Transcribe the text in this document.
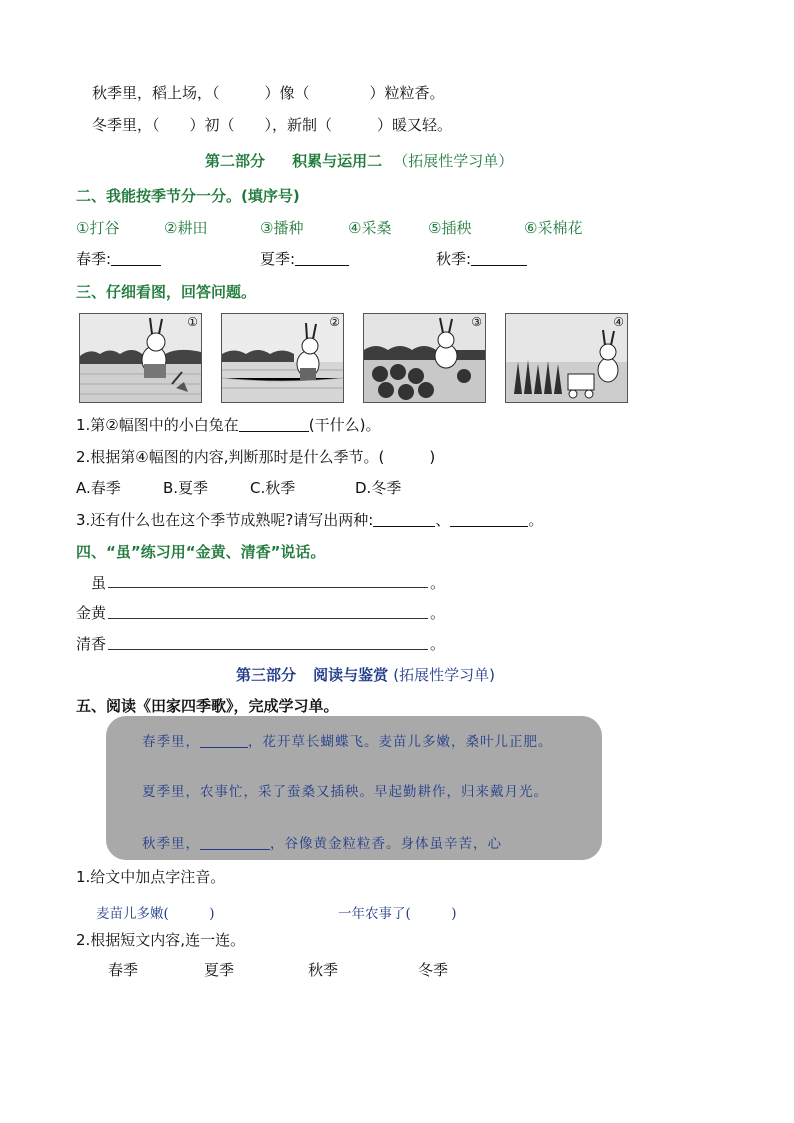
秋季里，稻上场，（　　　）像（　　　　）粒粒香。
冬季里，（　　）初（　　），新制（　　　）暖又轻。
第二部分 积累与运用二 （拓展性学习单）
二、我能按季节分一分。(填序号)
①打谷	②耕田	③播种	④采桑 ⑤插秧	⑥采棉花
春季:	夏季:	秋季:
三、仔细看图，回答问题。
①	②	③	④
1.第②幅图中的小白兔在	(干什么)。
2.根据第④幅图的内容,判断那时是什么季节。(　　　)
A.春季	B.夏季	C.秋季	D.冬季
3.还有什么也在这个季节成熟呢?请写出两种:	、	。
四、“虽”练习用“金黄、清香”说话。
　虽	。
金黄	。
清香	。
第三部分 阅读与鉴赏 (拓展性学习单)
五、阅读《田家四季歌》，完成学习单。
春季里，	，花开草长蝴蝶飞。麦苗儿多嫩，桑叶儿正肥。
夏季里，农事忙，采了蚕桑又插秧。早起勤耕作，归来戴月光。
秋季里，	，谷像黄金粒粒香。身体虽辛苦，心
1.给文中加点字注音。
麦苗儿多嫩(　　　)	一年农事了(　　　)
2.根据短文内容,连一连。
春季	夏季	秋季	冬季
